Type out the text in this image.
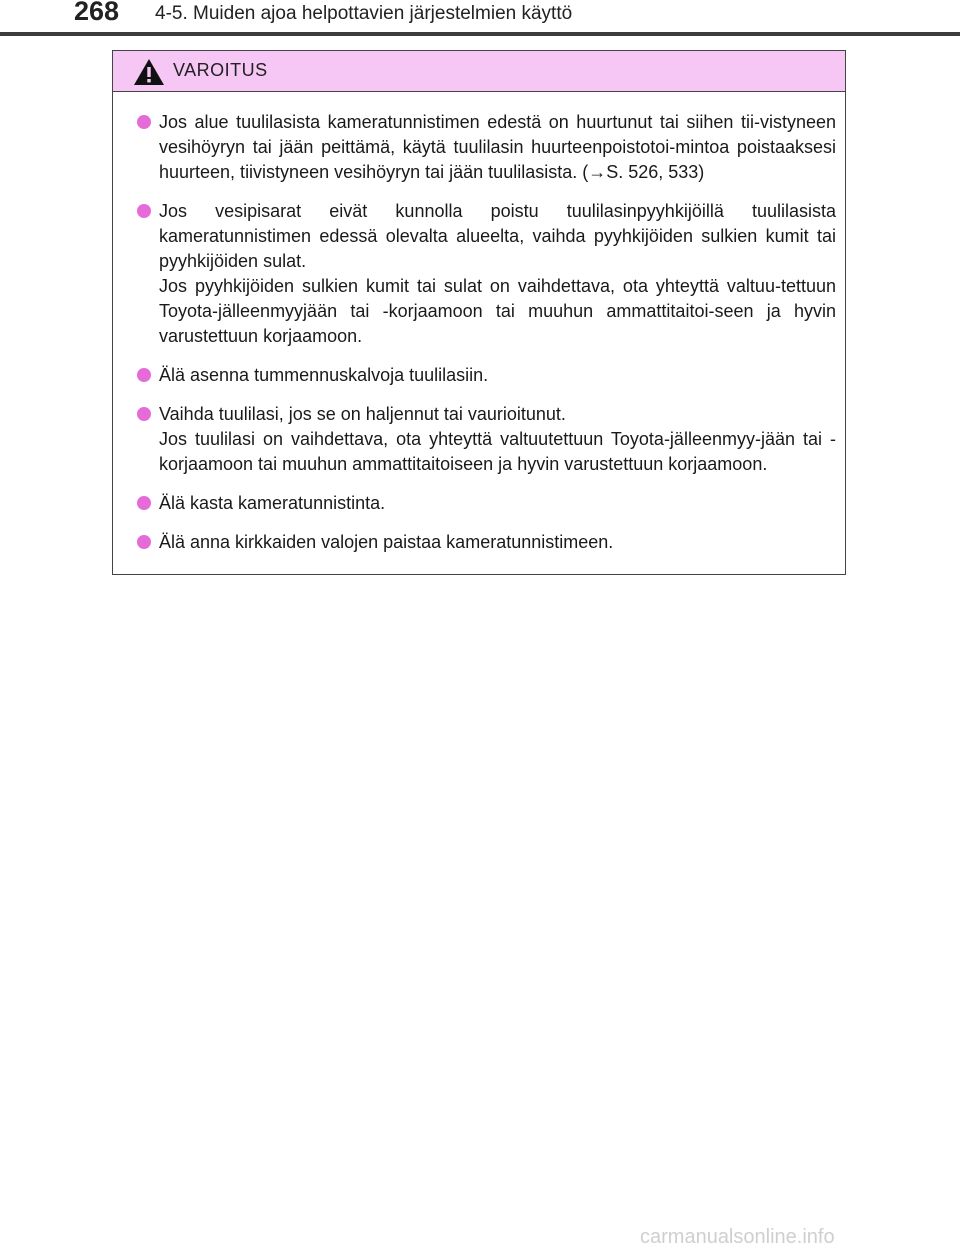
268 4-5. Muiden ajoa helpottavien järjestelmien käyttö
VAROITUS

Jos alue tuulilasista kameratunnistimen edestä on huurtunut tai siihen tii-vistyneen vesihöyryn tai jään peittämä, käytä tuulilasin huurteenpoistotoi-mintoa poistaaksesi huurteen, tiivistyneen vesihöyryn tai jään tuulilasista. (→S. 526, 533)

Jos vesipisarat eivät kunnolla poistu tuulilasinpyyhkijöillä tuulilasista kameratunnistimen edessä olevalta alueelta, vaihda pyyhkijöiden sulkien kumit tai pyyhkijöiden sulat.

Jos pyyhkijöiden sulkien kumit tai sulat on vaihdettava, ota yhteyttä valtuu-tettuun Toyota-jälleenmyyjään tai -korjaamoon tai muuhun ammattitaitoi-seen ja hyvin varustettuun korjaamoon.

Älä asenna tummennuskalvoja tuulilasiin.

Vaihda tuulilasi, jos se on haljennut tai vaurioitunut.

Jos tuulilasi on vaihdettava, ota yhteyttä valtuutettuun Toyota-jälleenmyy-jään tai -korjaamoon tai muuhun ammattitaitoiseen ja hyvin varustettuun korjaamoon.

Älä kasta kameratunnistinta.

Älä anna kirkkaiden valojen paistaa kameratunnistimeen.

carmanualsonline.info
